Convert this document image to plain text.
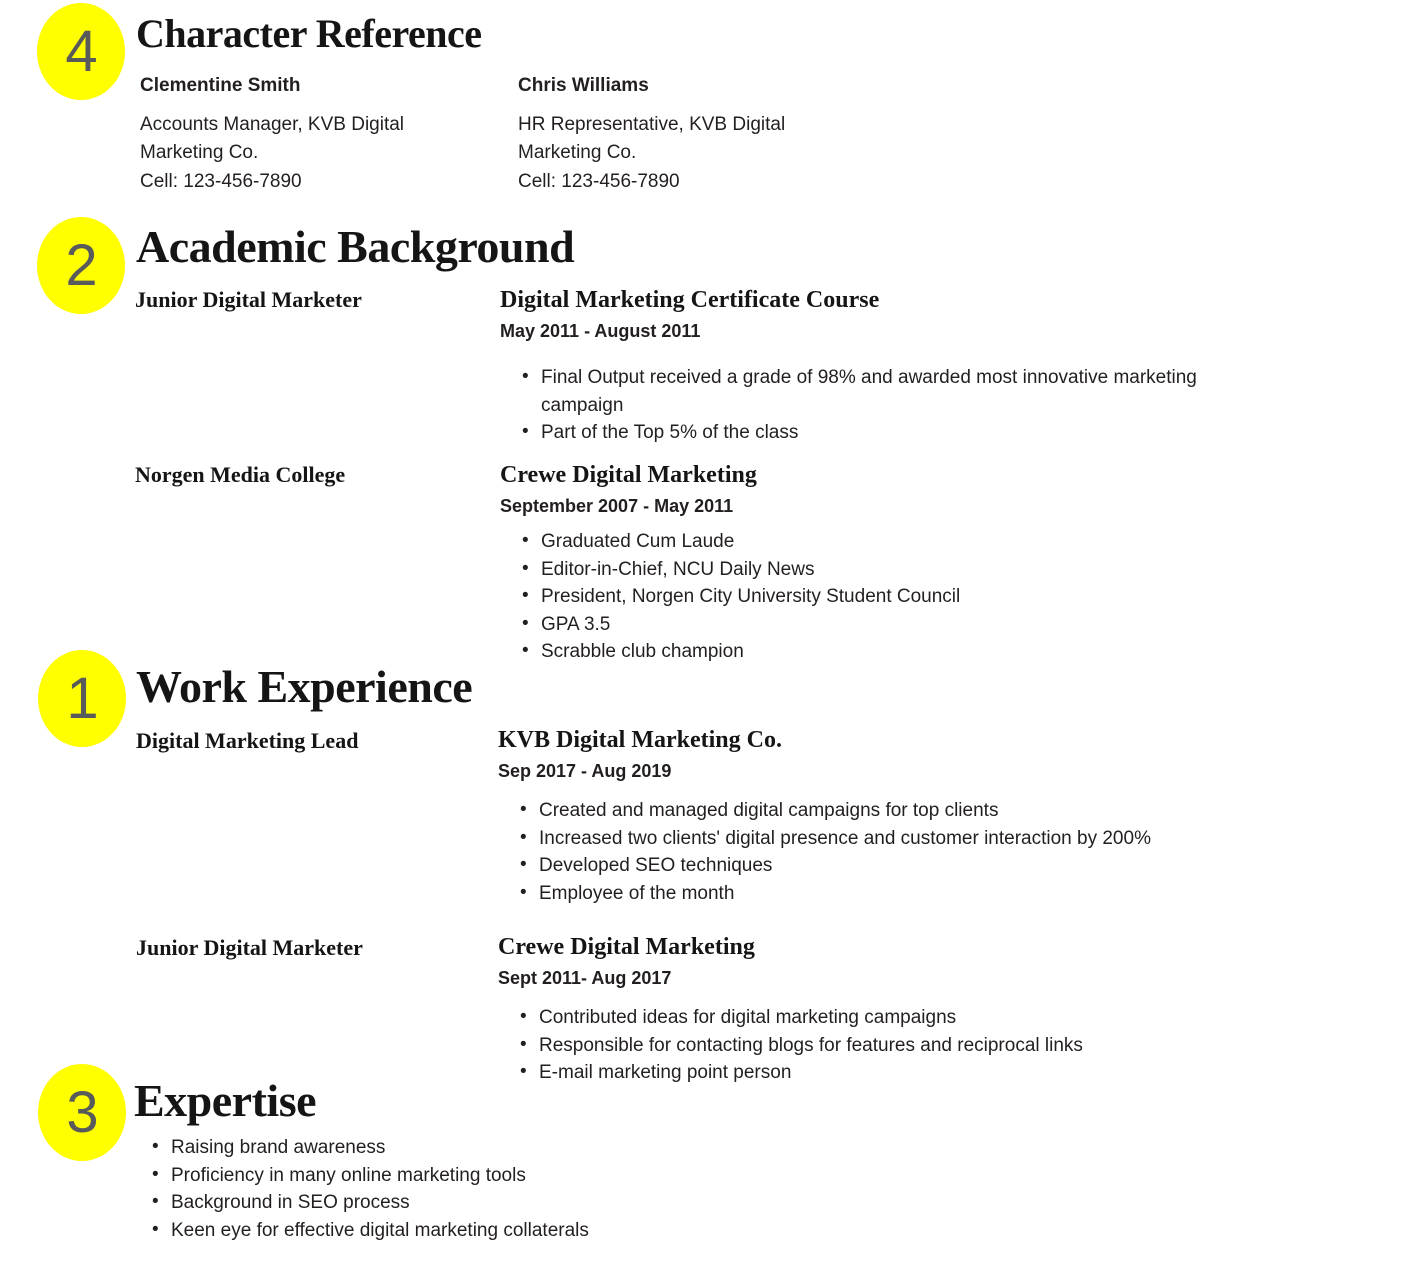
4 Character Reference
Clementine Smith
Accounts Manager, KVB Digital
Marketing Co.
Cell: 123-456-7890
Chris Williams
HR Representative, KVB Digital
Marketing Co.
Cell: 123-456-7890
2 Academic Background
Junior Digital Marketer	Digital Marketing Certificate Course
May 2011 - August 2011
• Final Output received a grade of 98% and awarded most innovative marketing campaign
• Part of the Top 5% of the class
Norgen Media College	Crewe Digital Marketing
September 2007 - May 2011
• Graduated Cum Laude
• Editor-in-Chief, NCU Daily News
• President, Norgen City University Student Council
• GPA 3.5
• Scrabble club champion
1 Work Experience
Digital Marketing Lead	KVB Digital Marketing Co.
Sep 2017 - Aug 2019
• Created and managed digital campaigns for top clients
• Increased two clients' digital presence and customer interaction by 200%
• Developed SEO techniques
• Employee of the month
Junior Digital Marketer	Crewe Digital Marketing
Sept 2011- Aug 2017
• Contributed ideas for digital marketing campaigns
• Responsible for contacting blogs for features and reciprocal links
• E-mail marketing point person
3 Expertise
• Raising brand awareness
• Proficiency in many online marketing tools
• Background in SEO process
• Keen eye for effective digital marketing collaterals
